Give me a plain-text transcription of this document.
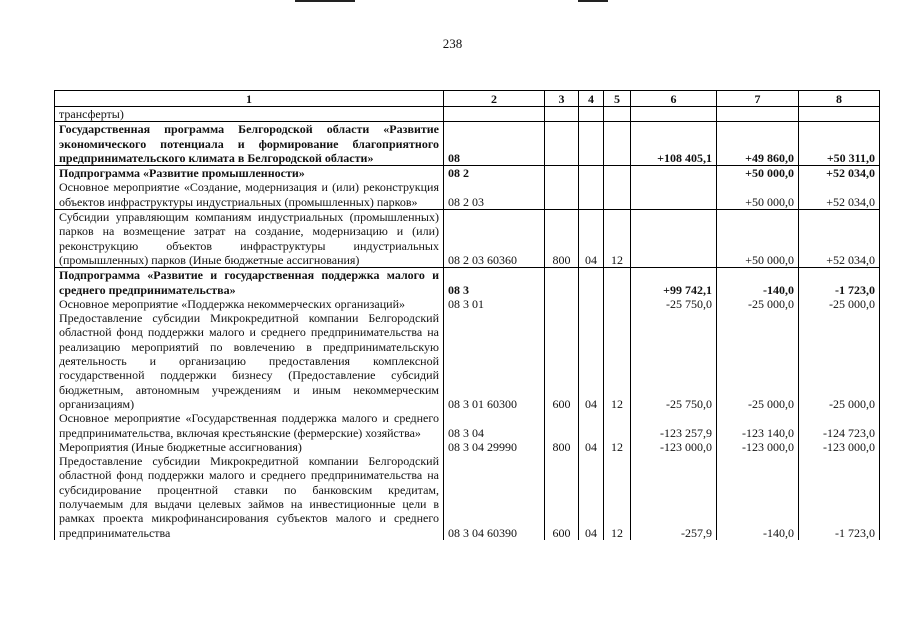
238
1	2	3	4	5	6	7	8
трансферты)							
Государственная программа Белгородской области «Развитие экономического потенциала и формирование благоприятного предпринимательского климата в Белгородской области»	08				+108 405,1	+49 860,0	+50 311,0
Подпрограмма «Развитие промышленности»	08 2					+50 000,0	+52 034,0
Основное мероприятие «Создание, модернизация и (или) реконструкция объектов инфраструктуры индустриальных (промышленных) парков»	08 2 03					+50 000,0	+52 034,0
Субсидии управляющим компаниям индустриальных (промышленных) парков на возмещение затрат на создание, модернизацию и (или) реконструкцию объектов инфраструктуры индустриальных (промышленных) парков (Иные бюджетные ассигнования)	08 2 03 60360	800	04	12		+50 000,0	+52 034,0
Подпрограмма «Развитие и государственная поддержка малого и среднего предпринимательства»	08 3				+99 742,1	-140,0	-1 723,0
Основное мероприятие «Поддержка некоммерческих организаций»	08 3 01				-25 750,0	-25 000,0	-25 000,0
Предоставление субсидии Микрокредитной компании Белгородский областной фонд поддержки малого и среднего предпринимательства на реализацию мероприятий по вовлечению в предпринимательскую деятельность и организацию предоставления комплексной государственной поддержки бизнесу (Предоставление субсидий бюджетным, автономным учреждениям и иным некоммерческим организациям)	08 3 01 60300	600	04	12	-25 750,0	-25 000,0	-25 000,0
Основное мероприятие «Государственная поддержка малого и среднего предпринимательства, включая крестьянские (фермерские) хозяйства»	08 3 04				-123 257,9	-123 140,0	-124 723,0
Мероприятия (Иные бюджетные ассигнования)	08 3 04 29990	800	04	12	-123 000,0	-123 000,0	-123 000,0
Предоставление субсидии Микрокредитной компании Белгородский областной фонд поддержки малого и среднего предпринимательства на субсидирование процентной ставки по банковским кредитам, получаемым для выдачи целевых займов на инвестиционные цели в рамках проекта микрофинансирования субъектов малого и среднего предпринимательства	08 3 04 60390	600	04	12	-257,9	-140,0	-1 723,0
